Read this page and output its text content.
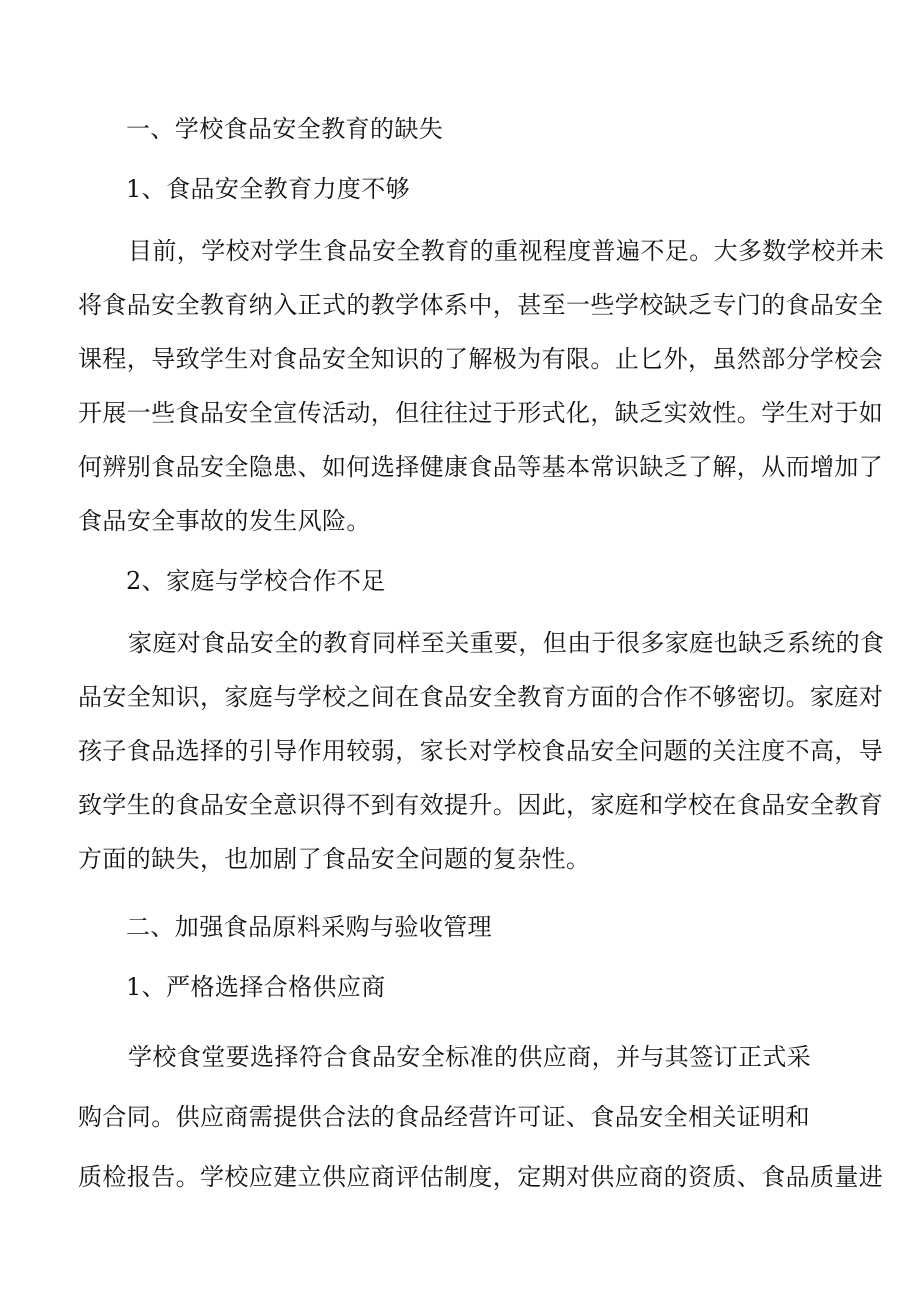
一、学校食品安全教育的缺失
1、食品安全教育力度不够
目前，学校对学生食品安全教育的重视程度普遍不足。大多数学校并未
将食品安全教育纳入正式的教学体系中，甚至一些学校缺乏专门的食品安全
课程，导致学生对食品安全知识的了解极为有限。止匕外，虽然部分学校会
开展一些食品安全宣传活动，但往往过于形式化，缺乏实效性。学生对于如
何辨别食品安全隐患、如何选择健康食品等基本常识缺乏了解，从而增加了
食品安全事故的发生风险。
2、家庭与学校合作不足
家庭对食品安全的教育同样至关重要，但由于很多家庭也缺乏系统的食
品安全知识，家庭与学校之间在食品安全教育方面的合作不够密切。家庭对
孩子食品选择的引导作用较弱，家长对学校食品安全问题的关注度不高，导
致学生的食品安全意识得不到有效提升。因此，家庭和学校在食品安全教育
方面的缺失，也加剧了食品安全问题的复杂性。
二、加强食品原料采购与验收管理
1、严格选择合格供应商
学校食堂要选择符合食品安全标准的供应商，并与其签订正式采
购合同。供应商需提供合法的食品经营许可证、食品安全相关证明和
质检报告。学校应建立供应商评估制度，定期对供应商的资质、食品质量进
